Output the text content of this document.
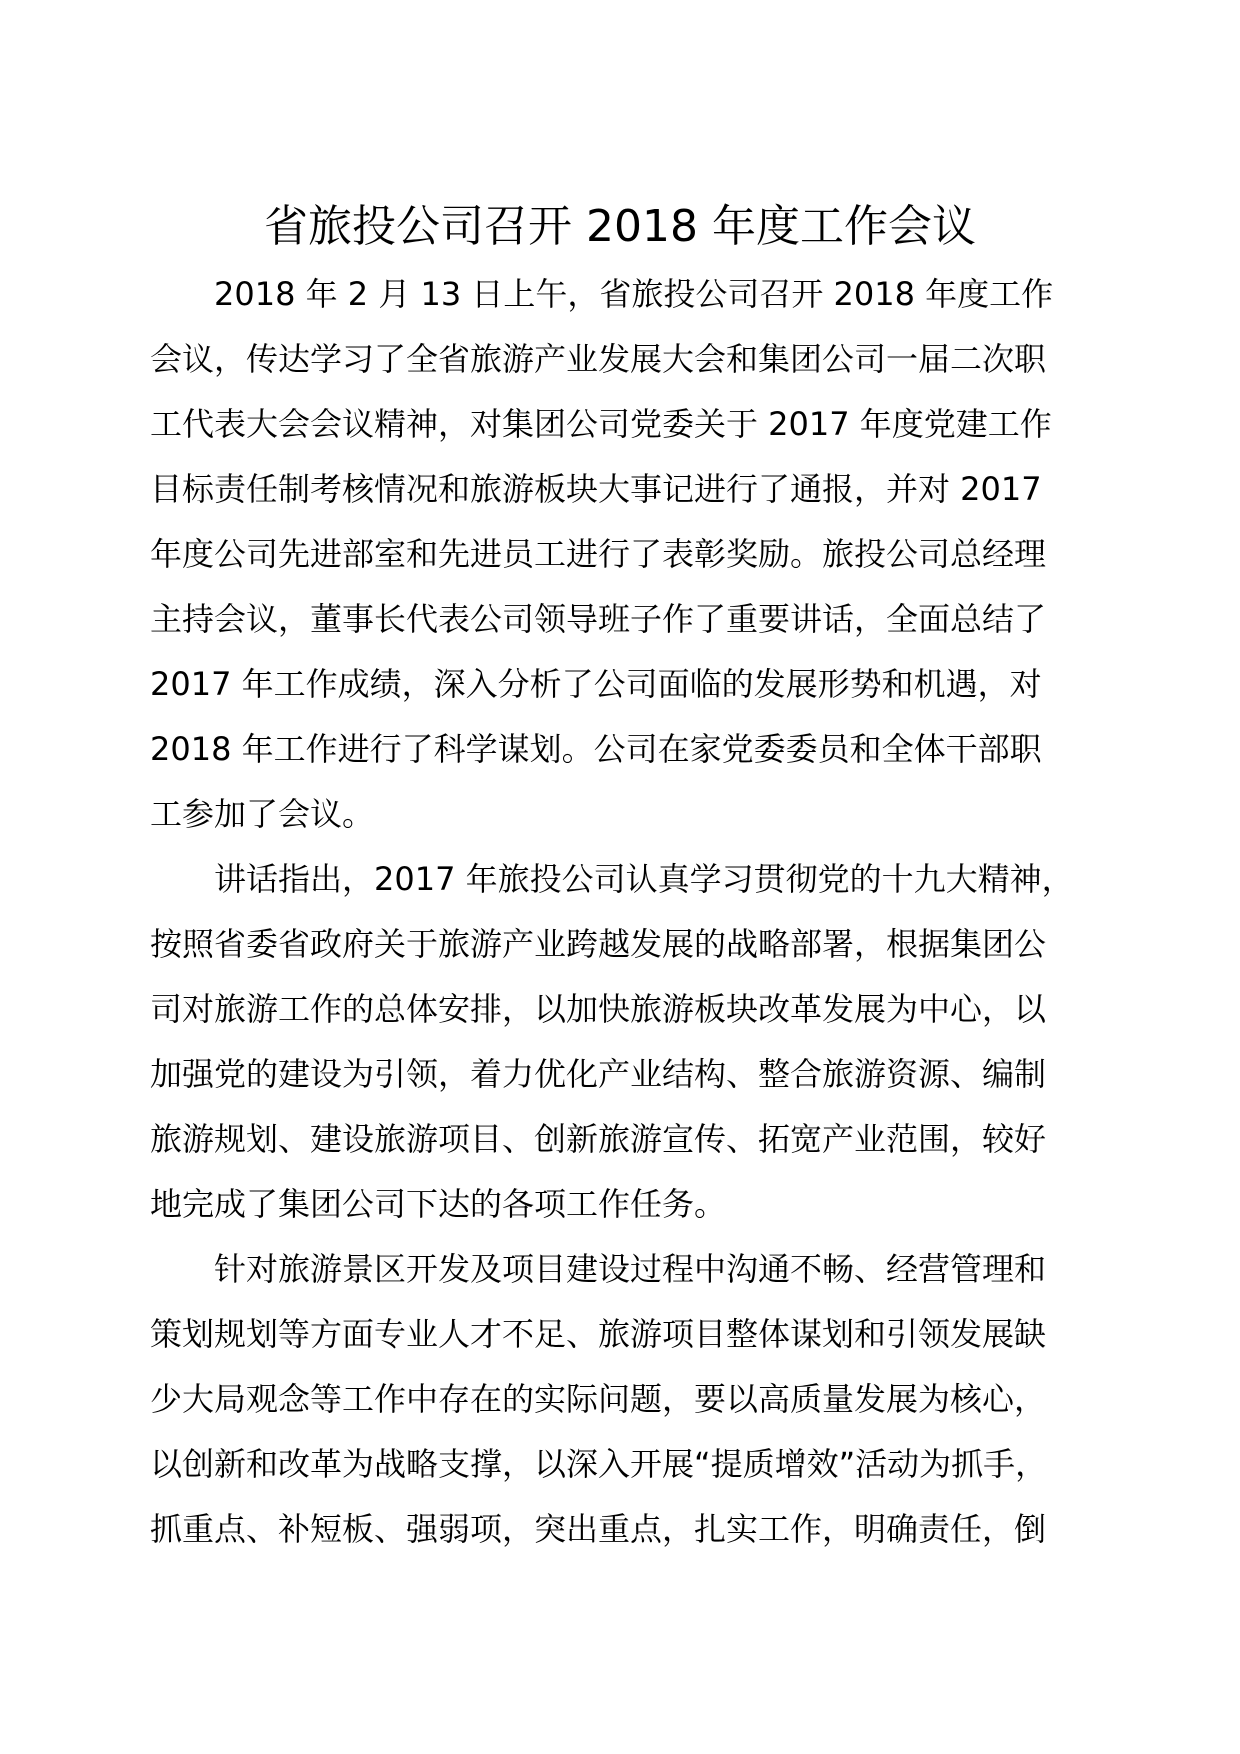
省旅投公司召开 2018 年度工作会议
2018 年 2 月 13 日上午，省旅投公司召开 2018 年度工作
会议，传达学习了全省旅游产业发展大会和集团公司一届二次职
工代表大会会议精神，对集团公司党委关于 2017 年度党建工作
目标责任制考核情况和旅游板块大事记进行了通报，并对 2017
年度公司先进部室和先进员工进行了表彰奖励。旅投公司总经理
主持会议，董事长代表公司领导班子作了重要讲话，全面总结了
2017 年工作成绩，深入分析了公司面临的发展形势和机遇，对
2018 年工作进行了科学谋划。公司在家党委委员和全体干部职
工参加了会议。
讲话指出，2017 年旅投公司认真学习贯彻党的十九大精神，
按照省委省政府关于旅游产业跨越发展的战略部署，根据集团公
司对旅游工作的总体安排，以加快旅游板块改革发展为中心，以
加强党的建设为引领，着力优化产业结构、整合旅游资源、编制
旅游规划、建设旅游项目、创新旅游宣传、拓宽产业范围，较好
地完成了集团公司下达的各项工作任务。
针对旅游景区开发及项目建设过程中沟通不畅、经营管理和
策划规划等方面专业人才不足、旅游项目整体谋划和引领发展缺
少大局观念等工作中存在的实际问题，要以高质量发展为核心，
以创新和改革为战略支撑，以深入开展“提质增效”活动为抓手，
抓重点、补短板、强弱项，突出重点，扎实工作，明确责任，倒
